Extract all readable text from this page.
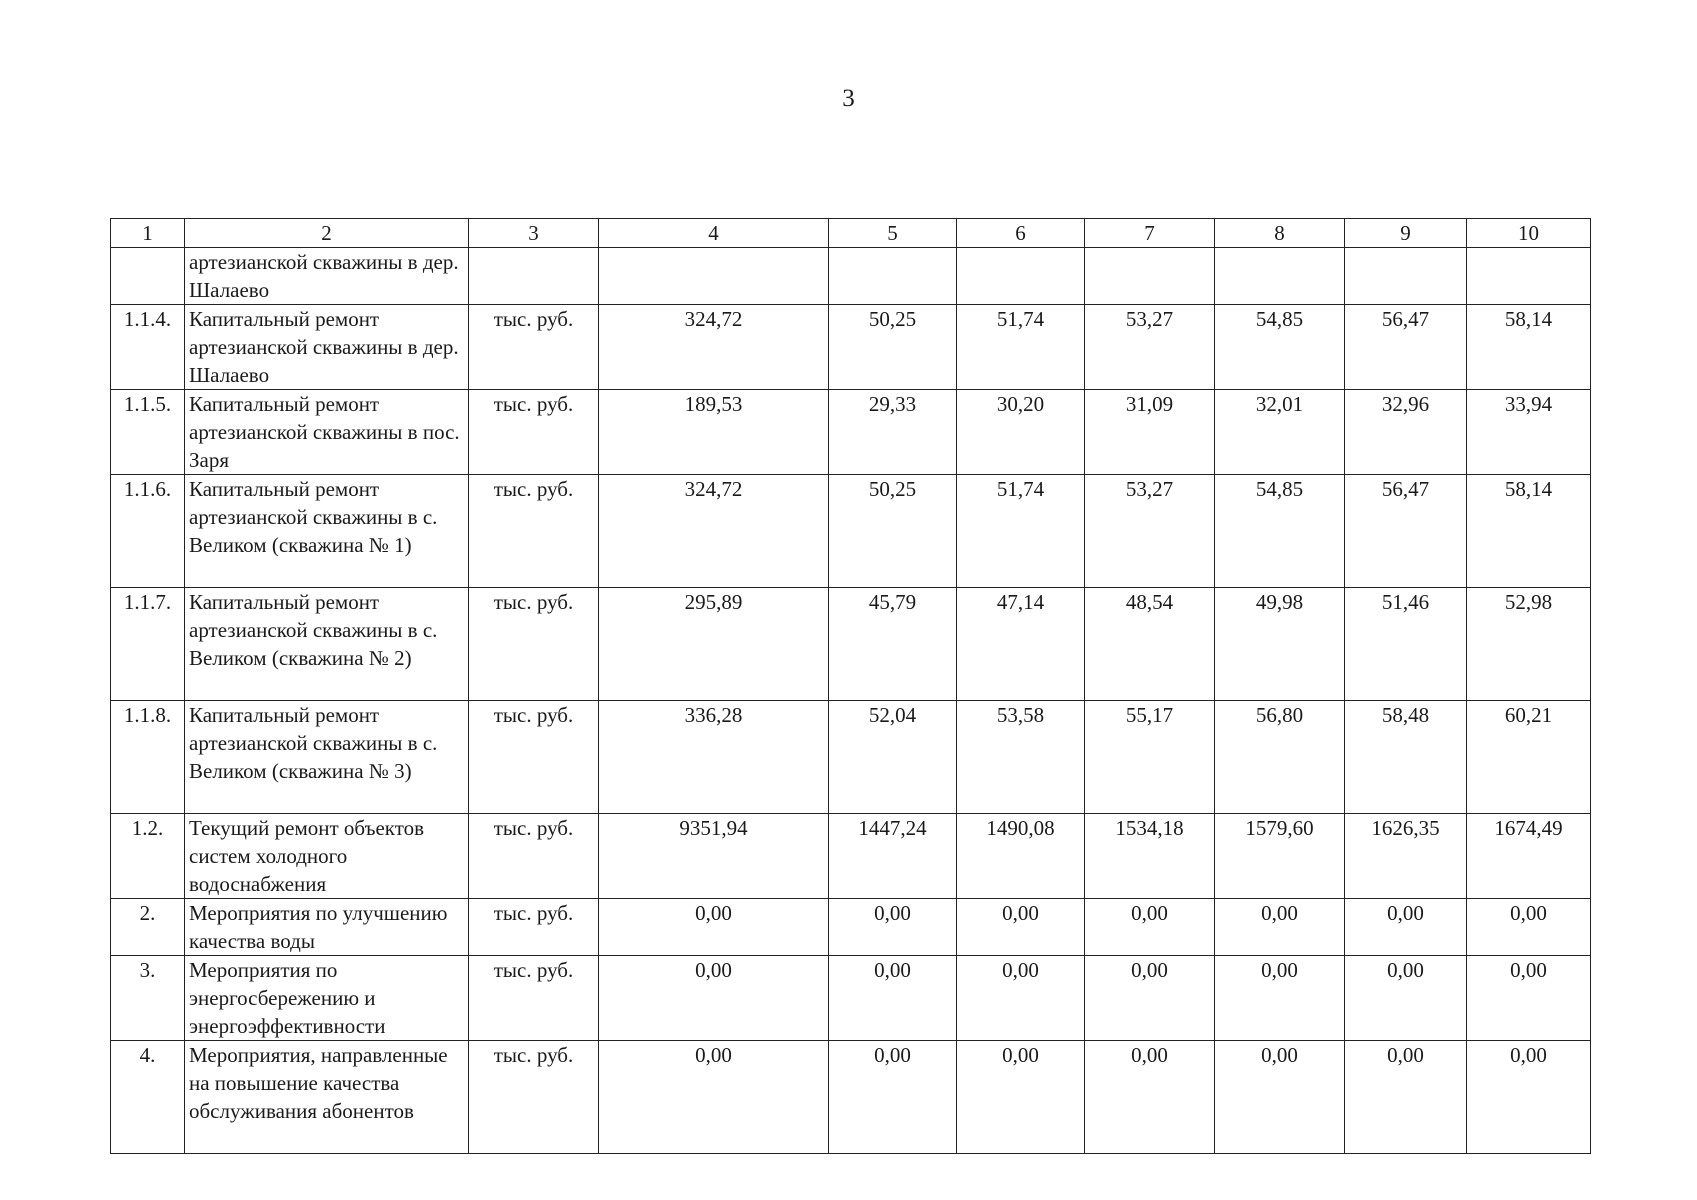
3
1	2	3	4	5	6	7	8	9	10
	артезианской скважины в дер. Шалаево								
1.1.4.	Капитальный ремонт артезианской скважины в дер. Шалаево	тыс. руб.	324,72	50,25	51,74	53,27	54,85	56,47	58,14
1.1.5.	Капитальный ремонт артезианской скважины в пос. Заря	тыс. руб.	189,53	29,33	30,20	31,09	32,01	32,96	33,94
1.1.6.	Капитальный ремонт артезианской скважины в с. Великом (скважина № 1)	тыс. руб.	324,72	50,25	51,74	53,27	54,85	56,47	58,14
1.1.7.	Капитальный ремонт артезианской скважины в с. Великом (скважина № 2)	тыс. руб.	295,89	45,79	47,14	48,54	49,98	51,46	52,98
1.1.8.	Капитальный ремонт артезианской скважины в с. Великом (скважина № 3)	тыс. руб.	336,28	52,04	53,58	55,17	56,80	58,48	60,21
1.2.	Текущий ремонт объектов систем холодного водоснабжения	тыс. руб.	9351,94	1447,24	1490,08	1534,18	1579,60	1626,35	1674,49
2.	Мероприятия по улучшению качества воды	тыс. руб.	0,00	0,00	0,00	0,00	0,00	0,00	0,00
3.	Мероприятия по энергосбережению и энергоэффективности	тыс. руб.	0,00	0,00	0,00	0,00	0,00	0,00	0,00
4.	Мероприятия, направленные на повышение качества обслуживания абонентов	тыс. руб.	0,00	0,00	0,00	0,00	0,00	0,00	0,00
